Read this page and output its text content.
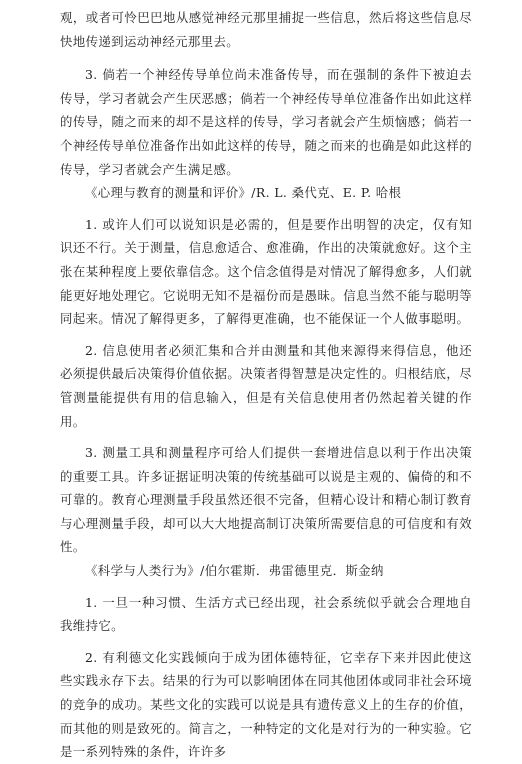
观，或者可怜巴巴地从感觉神经元那里捕捉一些信息，然后将这些信息尽快地传递到运动神经元那里去。

3. 倘若一个神经传导单位尚未准备传导，而在强制的条件下被迫去传导，学习者就会产生厌恶感；倘若一个神经传导单位准备作出如此这样的传导，随之而来的却不是这样的传导，学习者就会产生烦恼感；倘若一个神经传导单位准备作出如此这样的传导，随之而来的也确是如此这样的传导，学习者就会产生满足感。

《心理与教育的测量和评价》/R. L. 桑代克、E. P. 哈根

1. 或许人们可以说知识是必需的，但是要作出明智的决定，仅有知识还不行。关于测量，信息愈适合、愈准确，作出的决策就愈好。这个主张在某种程度上要依靠信念。这个信念值得是对情况了解得愈多，人们就能更好地处理它。它说明无知不是福份而是愚昧。信息当然不能与聪明等同起来。情况了解得更多，了解得更准确，也不能保证一个人做事聪明。

2. 信息使用者必须汇集和合并由测量和其他来源得来得信息，他还必须提供最后决策得价值依据。决策者得智慧是决定性的。归根结底，尽管测量能提供有用的信息输入，但是有关信息使用者仍然起着关键的作用。

3. 测量工具和测量程序可给人们提供一套增进信息以利于作出决策的重要工具。许多证据证明决策的传统基础可以说是主观的、偏倚的和不可靠的。教育心理测量手段虽然还很不完备，但精心设计和精心制订教育与心理测量手段，却可以大大地提高制订决策所需要信息的可信度和有效性。

《科学与人类行为》/伯尔霍斯．弗雷德里克．斯金纳

1. 一旦一种习惯、生活方式已经出现，社会系统似乎就会合理地自我维持它。

2. 有利德文化实践倾向于成为团体德特征，它幸存下来并因此使这些实践永存下去。结果的行为可以影响团体在同其他团体或同非社会环境的竞争的成功。某些文化的实践可以说是具有遗传意义上的生存的价值，而其他的则是致死的。简言之，一种特定的文化是对行为的一种实验。它是一系列特殊的条件，许许多
